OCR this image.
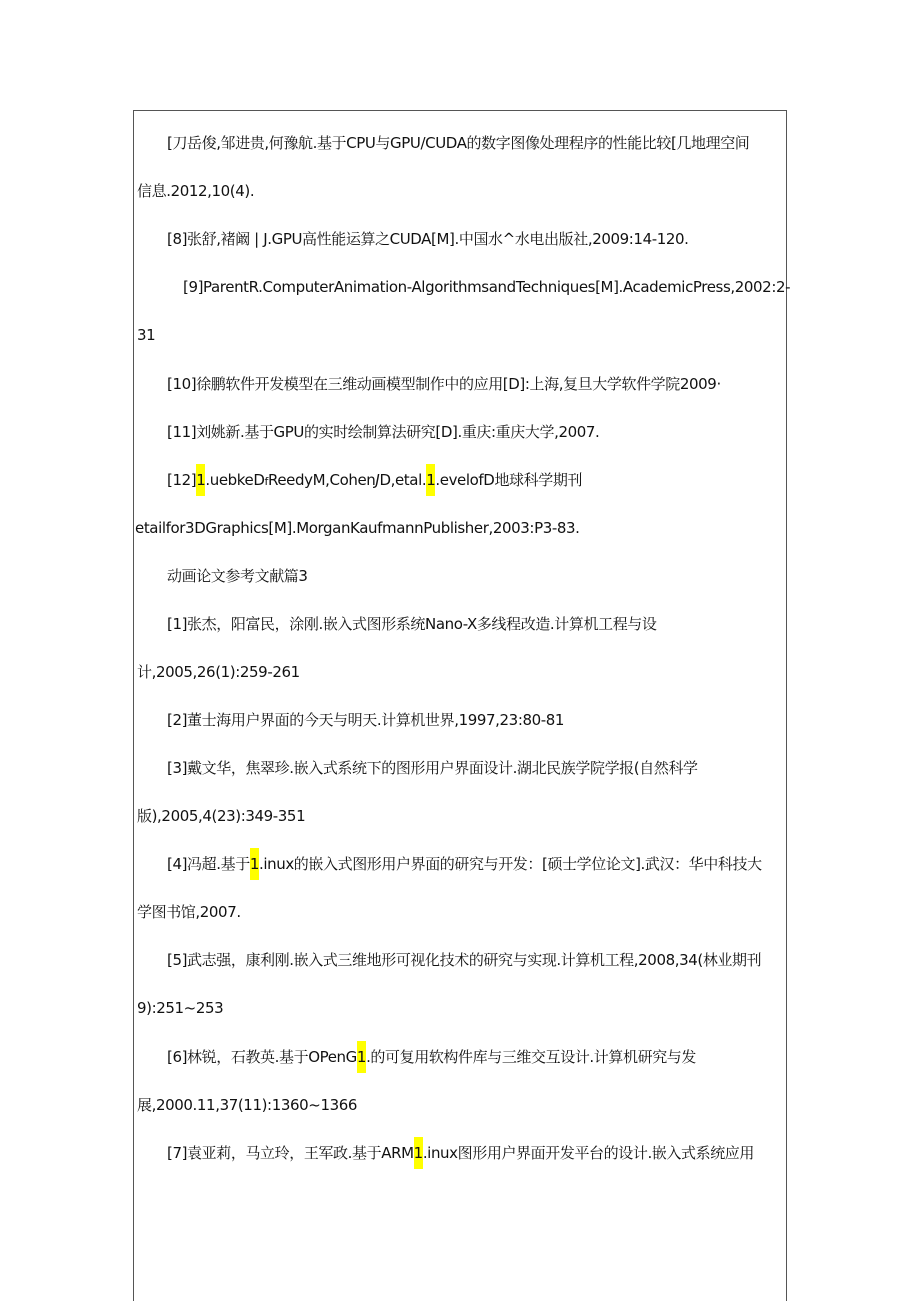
[刀岳俊,邹进贵,何豫航.基于CPU与GPU/CUDA的数字图像处理程序的性能比较[几地理空间
信息.2012,10(4).
[8]张舒,褚阚 | J.GPU高性能运算之CUDA[M].中国水^水电出版社,2009:14-120.
[9]ParentR.ComputerAnimation-AlgorithmsandTechniques[M].AcademicPress,2002:2-
31
[10]徐鹏软件开发模型在三维动画模型制作中的应用[D]:上海,复旦大学软件学院2009·
[11]刘姚新.基于GPU的实时绘制算法研究[D].重庆:重庆大学,2007.
[12]1.uebkeDfReedyM,CohenJD,etal.1.evelofD地球科学期刊
etailfor3DGraphics[M].MorganKaufmannPublisher,2003:P3-83.
动画论文参考文献篇3
[1]张杰，阳富民，涂刚.嵌入式图形系统Nano-X多线程改造.计算机工程与设
计,2005,26(1):259-261
[2]董士海用户界面的今天与明天.计算机世界,1997,23:80-81
[3]戴文华，焦翠珍.嵌入式系统下的图形用户界面设计.湖北民族学院学报(自然科学
版),2005,4(23):349-351
[4]冯超.基于1.inux的嵌入式图形用户界面的研究与开发：[硕士学位论文].武汉：华中科技大
学图书馆,2007.
[5]武志强，康利刚.嵌入式三维地形可视化技术的研究与实现.计算机工程,2008,34(林业期刊
9):251~253
[6]林锐，石教英.基于OPenG1.的可复用软构件库与三维交互设计.计算机研究与发
展,2000.11,37(11):1360~1366
[7]袁亚莉，马立玲，王军政.基于ARM1.inux图形用户界面开发平台的设计.嵌入式系统应用
